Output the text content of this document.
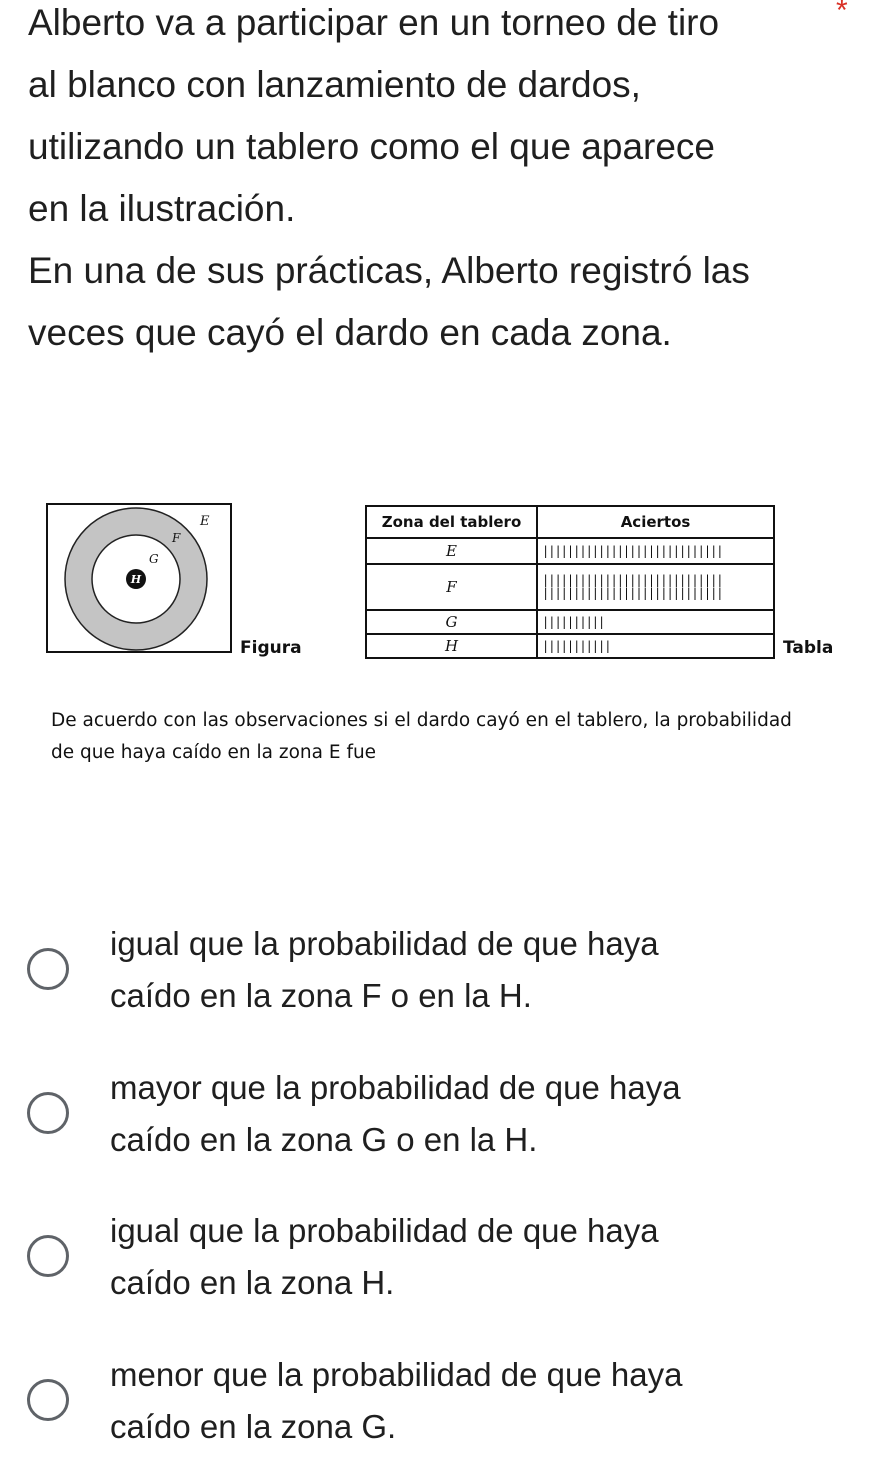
Alberto va a participar en un torneo de tiro

al blanco con lanzamiento de dardos,

utilizando un tablero como el que aparece

en la ilustración.

En una de sus prácticas, Alberto registró las

veces que cayó el dardo en cada zona.

*
E
F
G
H
Figura
Zona del tablero	Aciertos
E	|||||||||||||||||||||||||||||

F	|||||||||||||||||||||||||||||
|||||||||||||||||||||||||||||

G	||||||||||

H	|||||||||||	Tabla
De acuerdo con las observaciones si el dardo cayó en el tablero, la probabilidad de que haya caído en la zona E fue
igual que la probabilidad de que haya
caído en la zona F o en la H.
mayor que la probabilidad de que haya
caído en la zona G o en la H.
igual que la probabilidad de que haya
caído en la zona H.
menor que la probabilidad de que haya
caído en la zona G.
